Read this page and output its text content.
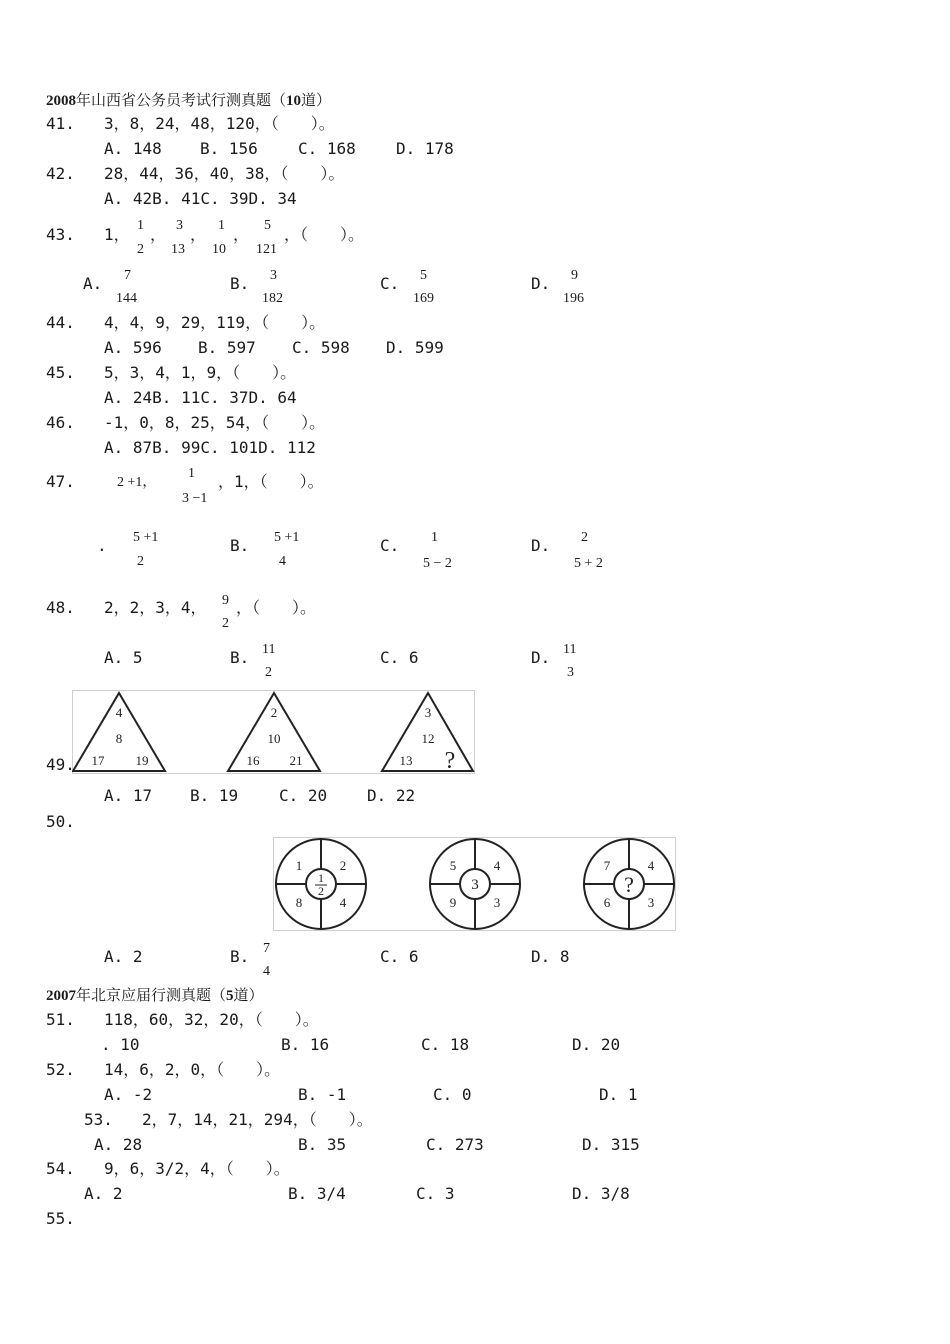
2008年山西省公务员考试行测真题（10道）
41. 3，8，24，48，120，（　　）。
A. 148 B. 156	C. 168	D. 178
42. 28，44，36，40，38，（　　）。
A. 42B. 41C. 39D. 34
43. 1， 1
2
， 3
13
， 1
10
， 5
121
，（　　）。
A. 7
144
B. 3
182
C. 5
169
D. 9
196
44. 4，4，9，29，119，（　　）。
A. 596 B. 597 C. 598 D. 599
45. 5，3，4，1，9，（　　）。
A. 24B. 11C. 37D. 64
46. -1，0，8，25，54，（　　）。
A. 87B. 99C. 101D. 112
47.	2 +1，
1
3 −1
，1，（　　）。
. 5 +1
2
B. 5 +1
4
C. 1
5 − 2
D. 2
5 + 2
48. 2，2，3，4， 9
2
，（　　）。
A. 5	B. 11
2
C. 6	D. 11
3
49.
4
8
17 19
2
10
16 21
3
12
13 ?
A. 17 B. 19	C. 20 D. 22
50.
1	2
8	4
1
2
5	4
9	3
3
7	4
6	3
?
A. 2	B. 7
4
C. 6	D. 8
2007年北京应届行测真题（5道）
51. 118，60，32，20，（　　）。
. 10	B. 16	C. 18	D. 20
52. 14，6，2，0，（　　）。
A. -2	B. -1	C. 0	D. 1
53. 2，7，14，21，294，（　　）。
A. 28	B. 35	C. 273	D. 315
54. 9，6，3/2，4，（　　）。
A. 2	B. 3/4	C. 3	D. 3/8
55.
